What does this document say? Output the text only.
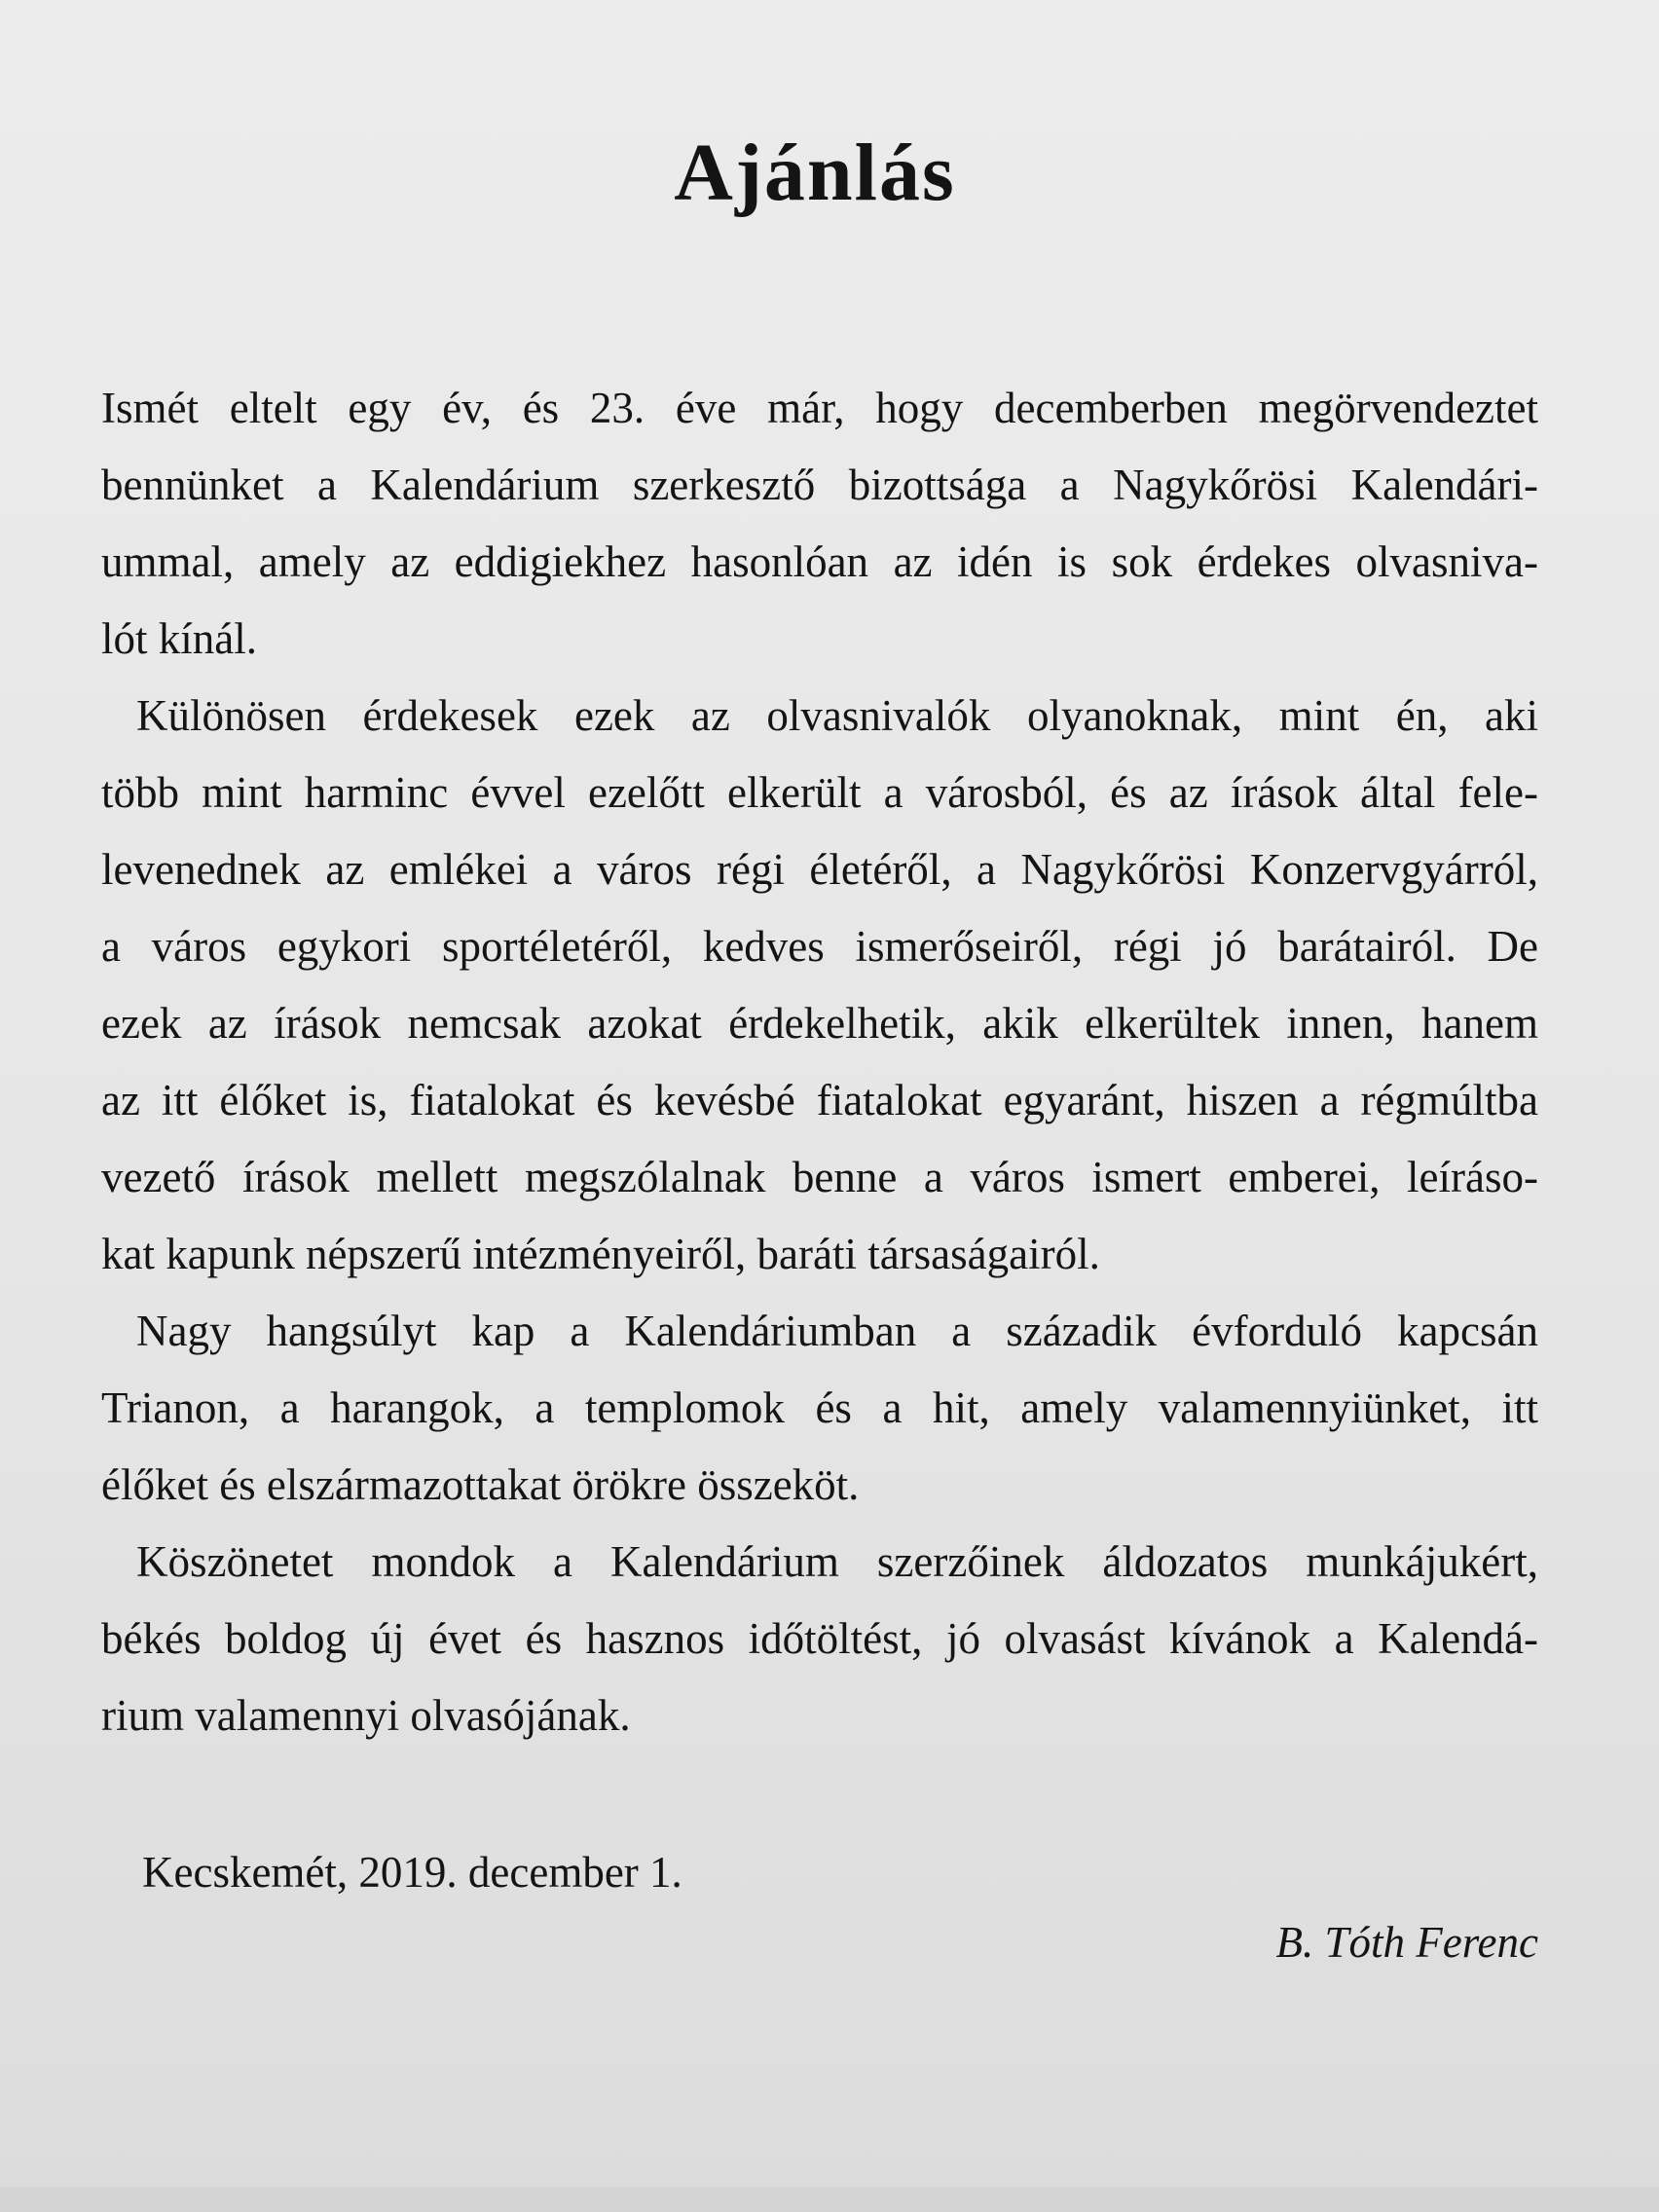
Ajánlás

Ismét eltelt egy év, és 23. éve már, hogy decemberben megörvendeztet
bennünket a Kalendárium szerkesztő bizottsága a Nagykőrösi Kalendári-
ummal, amely az eddigiekhez hasonlóan az idén is sok érdekes olvasniva-
lót kínál.

Különösen érdekesek ezek az olvasnivalók olyanoknak, mint én, aki
több mint harminc évvel ezelőtt elkerült a városból, és az írások által fele-
levenednek az emlékei a város régi életéről, a Nagykőrösi Konzervgyárról,
a város egykori sportéletéről, kedves ismerőseiről, régi jó barátairól. De
ezek az írások nemcsak azokat érdekelhetik, akik elkerültek innen, hanem
az itt élőket is, fiatalokat és kevésbé fiatalokat egyaránt, hiszen a régmúltba
vezető írások mellett megszólalnak benne a város ismert emberei, leíráso-
kat kapunk népszerű intézményeiről, baráti társaságairól.

Nagy hangsúlyt kap a Kalendáriumban a századik évforduló kapcsán
Trianon, a harangok, a templomok és a hit, amely valamennyiünket, itt
élőket és elszármazottakat örökre összeköt.

Köszönetet mondok a Kalendárium szerzőinek áldozatos munkájukért,
békés boldog új évet és hasznos időtöltést, jó olvasást kívánok a Kalendá-
rium valamennyi olvasójának.

Kecskemét, 2019. december 1.

B. Tóth Ferenc
